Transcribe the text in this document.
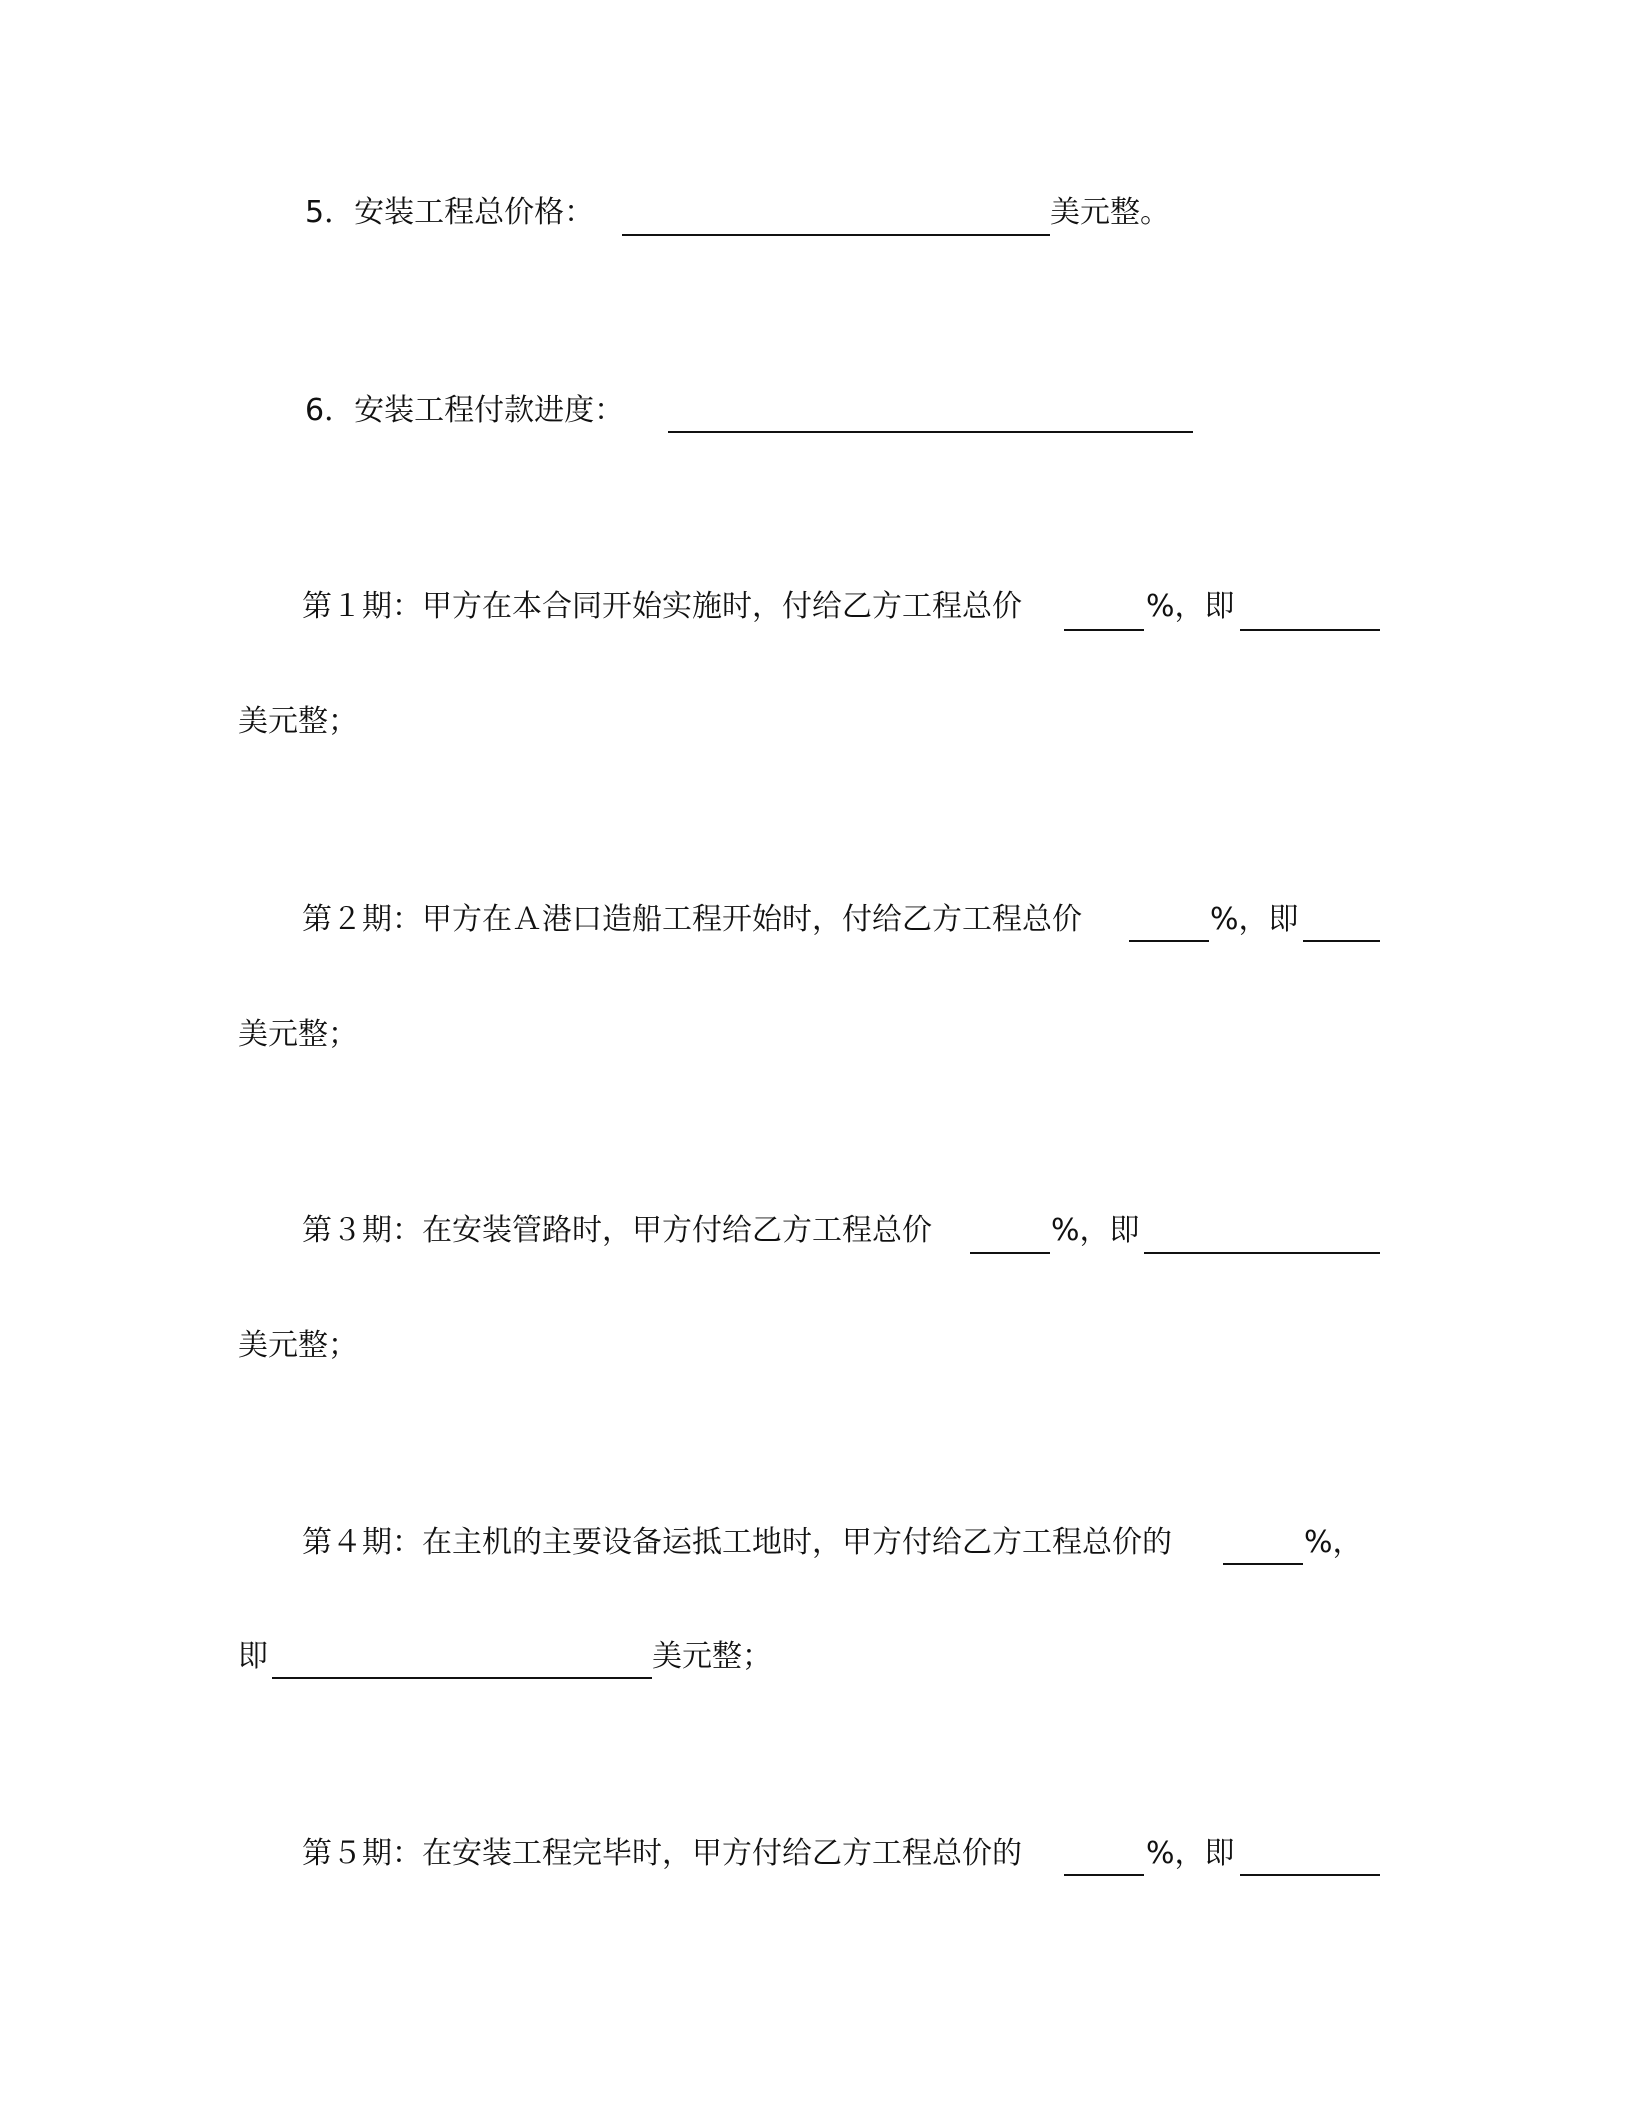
5．安装工程总价格：	美元整。
6．安装工程付款进度：
第１期：甲方在本合同开始实施时，付给乙方工程总价	%，即
美元整；
第２期：甲方在Ａ港口造船工程开始时，付给乙方工程总价	%，即
美元整；
第３期：在安装管路时，甲方付给乙方工程总价	%，即
美元整；
第４期：在主机的主要设备运抵工地时，甲方付给乙方工程总价的	%，
即	美元整；
第５期：在安装工程完毕时，甲方付给乙方工程总价的	%，即
